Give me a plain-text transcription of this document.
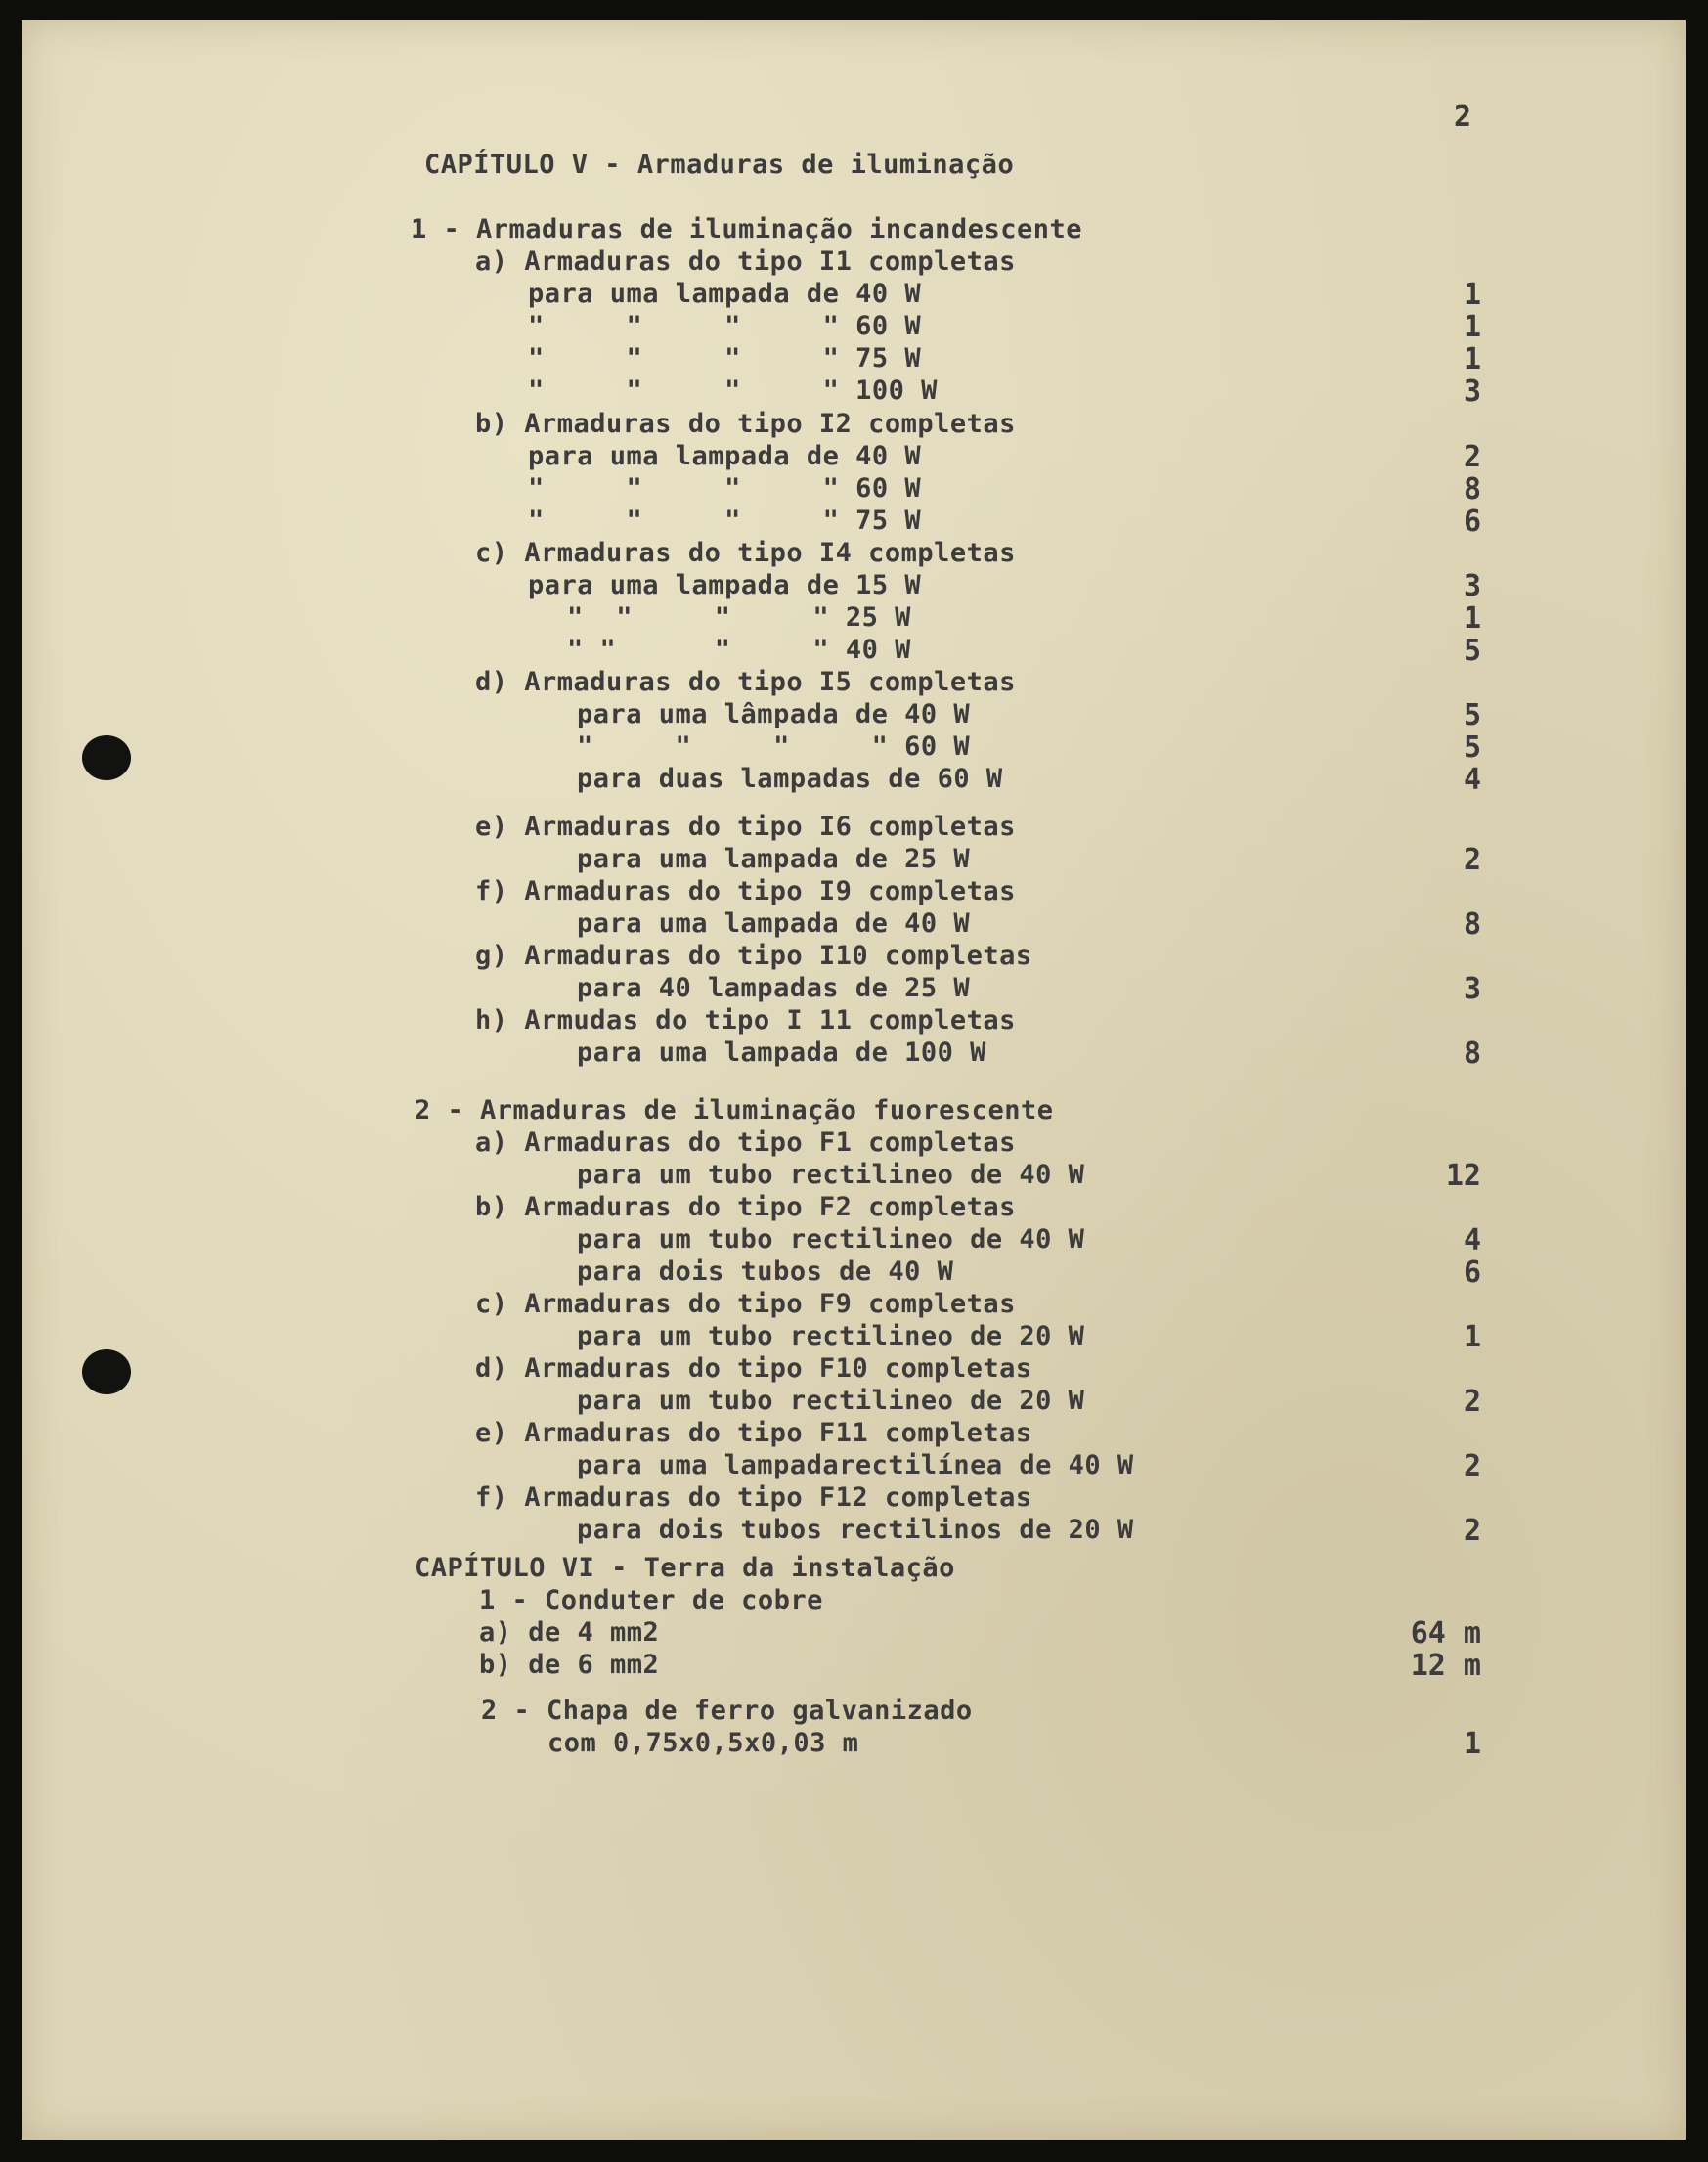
2
CAPÍTULO V - Armaduras de iluminação
1 - Armaduras de iluminação incandescente
a) Armaduras do tipo I1 completas
para uma lampada de 40 W	1
"     "     "     " 60 W	1
"     "     "     " 75 W	1
"     "     "     " 100 W	3
b) Armaduras do tipo I2 completas
para uma lampada de 40 W	2
"     "     "     " 60 W	8
"     "     "     " 75 W	6
c) Armaduras do tipo I4 completas
para uma lampada de 15 W	3
"  "     "     " 25 W	1
" "      "     " 40 W	5
d) Armaduras do tipo I5 completas
para uma lâmpada de 40 W	5
"     "     "     " 60 W	5
para duas lampadas de 60 W	4
e) Armaduras do tipo I6 completas
para uma lampada de 25 W	2
f) Armaduras do tipo I9 completas
para uma lampada de 40 W	8
g) Armaduras do tipo I10 completas
para 40 lampadas de 25 W	3
h) Armudas do tipo I 11 completas
para uma lampada de 100 W	8
2 - Armaduras de iluminação fuorescente
a) Armaduras do tipo F1 completas
para um tubo rectilineo de 40 W	12
b) Armaduras do tipo F2 completas
para um tubo rectilineo de 40 W	4
para dois tubos de 40 W	6
c) Armaduras do tipo F9 completas
para um tubo rectilineo de 20 W	1
d) Armaduras do tipo F10 completas
para um tubo rectilineo de 20 W	2
e) Armaduras do tipo F11 completas
para uma lampadarectilínea de 40 W	2
f) Armaduras do tipo F12 completas
para dois tubos rectilinos de 20 W	2
CAPÍTULO VI - Terra da instalação
1 - Conduter de cobre
a) de 4 mm2	64 m
b) de 6 mm2	12 m
2 - Chapa de ferro galvanizado
com 0,75x0,5x0,03 m	1
